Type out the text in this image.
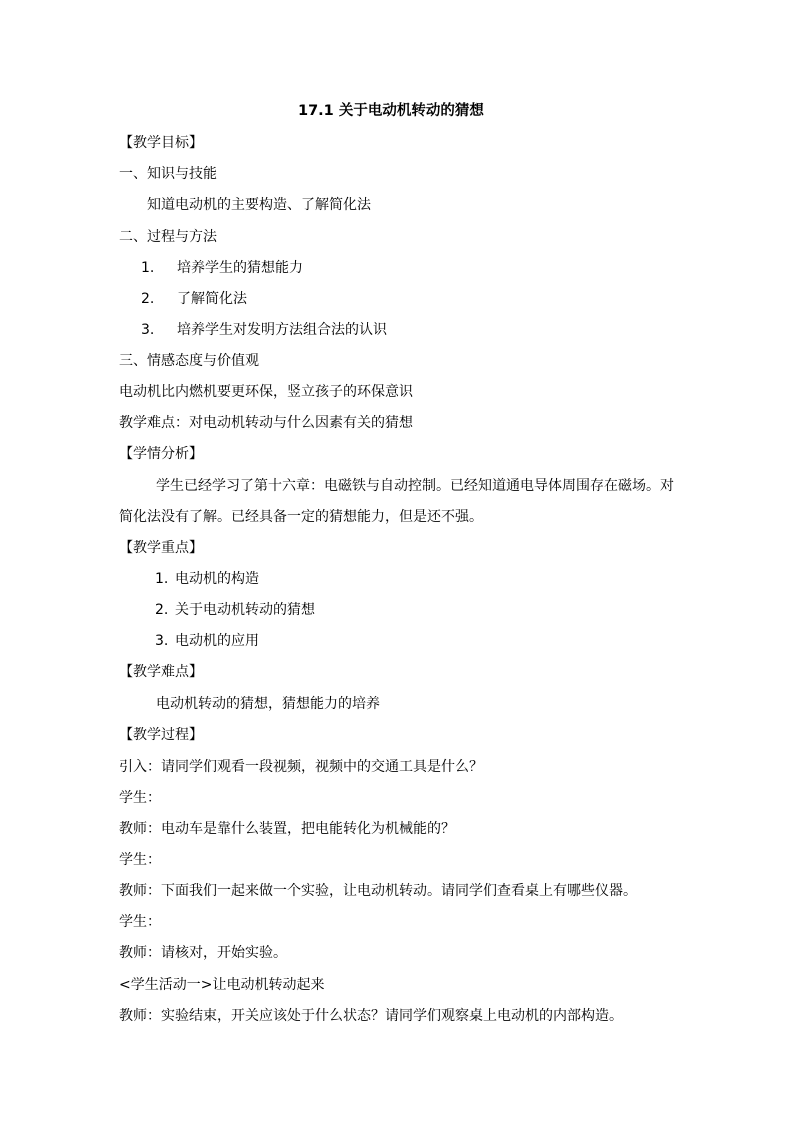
17.1 关于电动机转动的猜想
【教学目标】
一、知识与技能
知道电动机的主要构造、了解简化法
二、过程与方法
1. 培养学生的猜想能力
2. 了解简化法
3. 培养学生对发明方法组合法的认识
三、情感态度与价值观
电动机比内燃机要更环保，竖立孩子的环保意识
教学难点：对电动机转动与什么因素有关的猜想
【学情分析】
学生已经学习了第十六章：电磁铁与自动控制。已经知道通电导体周围存在磁场。对
简化法没有了解。已经具备一定的猜想能力，但是还不强。
【教学重点】
1. 电动机的构造
2. 关于电动机转动的猜想
3. 电动机的应用
【教学难点】
电动机转动的猜想，猜想能力的培养
【教学过程】
引入：请同学们观看一段视频，视频中的交通工具是什么？
学生：
教师：电动车是靠什么装置，把电能转化为机械能的？
学生：
教师：下面我们一起来做一个实验，让电动机转动。请同学们查看桌上有哪些仪器。
学生：
教师：请核对，开始实验。
<学生活动一>让电动机转动起来
教师：实验结束，开关应该处于什么状态？请同学们观察桌上电动机的内部构造。
